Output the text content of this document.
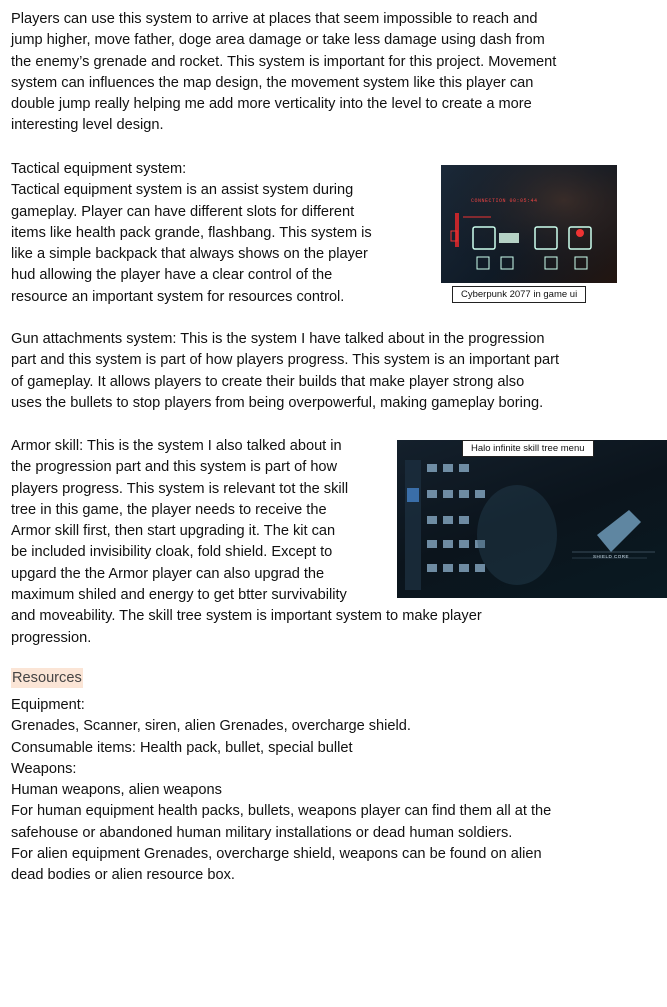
Players can use this system to arrive at places that seem impossible to reach and
jump higher, move father, doge area damage or take less damage using dash from
the enemy’s grenade and rocket. This system is important for this project. Movement
system can influences the map design, the movement system like this player can
double jump really helping me add more verticality into the level to create a more
interesting level design.
Tactical equipment system:
Tactical equipment system is an assist system during
gameplay. Player can have different slots for different
items like health pack grande, flashbang. This system is
like a simple backpack that always shows on the player
hud allowing the player have a clear control of the
resource an important system for resources control.
CONNECTION 00:05:44
Cyberpunk 2077 in game ui
Gun attachments system: This is the system I have talked about in the progression
part and this system is part of how players progress. This system is an important part
of gameplay. It allows players to create their builds that make player strong also
uses the bullets to stop players from being overpowerful, making gameplay boring.
SHIELD CORE
Halo infinite skill tree menu
Armor skill: This is the system I also talked about in
the progression part and this system is part of how
players progress. This system is relevant tot the skill
tree in this game, the player needs to receive the
Armor skill first, then start upgrading it. The kit can
be included invisibility cloak, fold shield. Except to
upgard the the Armor player can also upgrad the
maximum shiled and energy to get btter survivability
and moveability. The skill tree system is important system to make player
progression.
Resources
Equipment:
Grenades, Scanner, siren, alien Grenades, overcharge shield.
Consumable items: Health pack, bullet, special bullet
Weapons:
Human weapons, alien weapons
For human equipment health packs, bullets, weapons player can find them all at the
safehouse or abandoned human military installations or dead human soldiers.
For alien equipment Grenades, overcharge shield, weapons can be found on alien
dead bodies or alien resource box.
